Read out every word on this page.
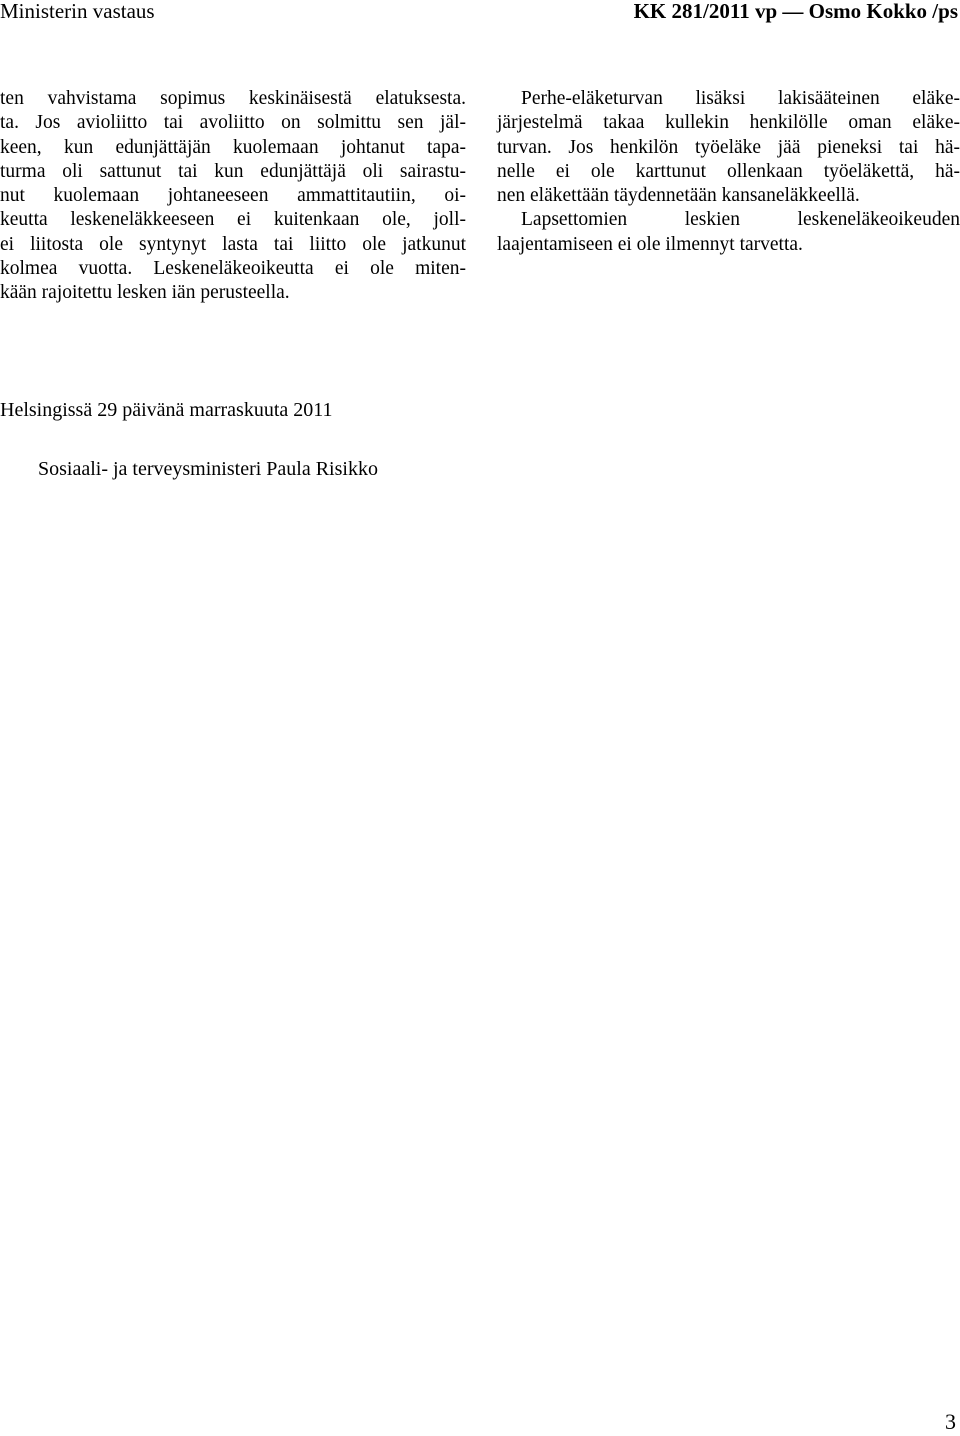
Ministerin vastaus	KK 281/2011 vp — Osmo Kokko /ps
ten vahvistama sopimus keskinäisestä elatuksesta.
ta. Jos avioliitto tai avoliitto on solmittu sen jäl-
keen, kun edunjättäjän kuolemaan johtanut tapa-
turma oli sattunut tai kun edunjättäjä oli sairastu-
nut kuolemaan johtaneeseen ammattitautiin, oi-
keutta leskeneläkkeeseen ei kuitenkaan ole, joll-
ei liitosta ole syntynyt lasta tai liitto ole jatkunut
kolmea vuotta. Leskeneläkeoikeutta ei ole miten-
kään rajoitettu lesken iän perusteella.
Perhe-eläketurvan lisäksi lakisääteinen eläke-
järjestelmä takaa kullekin henkilölle oman eläke-
turvan. Jos henkilön työeläke jää pieneksi tai hä-
nelle ei ole karttunut ollenkaan työeläkettä, hä-
nen eläkettään täydennetään kansaneläkkeellä.
Lapsettomien leskien leskeneläkeoikeuden
laajentamiseen ei ole ilmennyt tarvetta.
Helsingissä 29 päivänä marraskuuta 2011
Sosiaali- ja terveysministeri Paula Risikko
3
